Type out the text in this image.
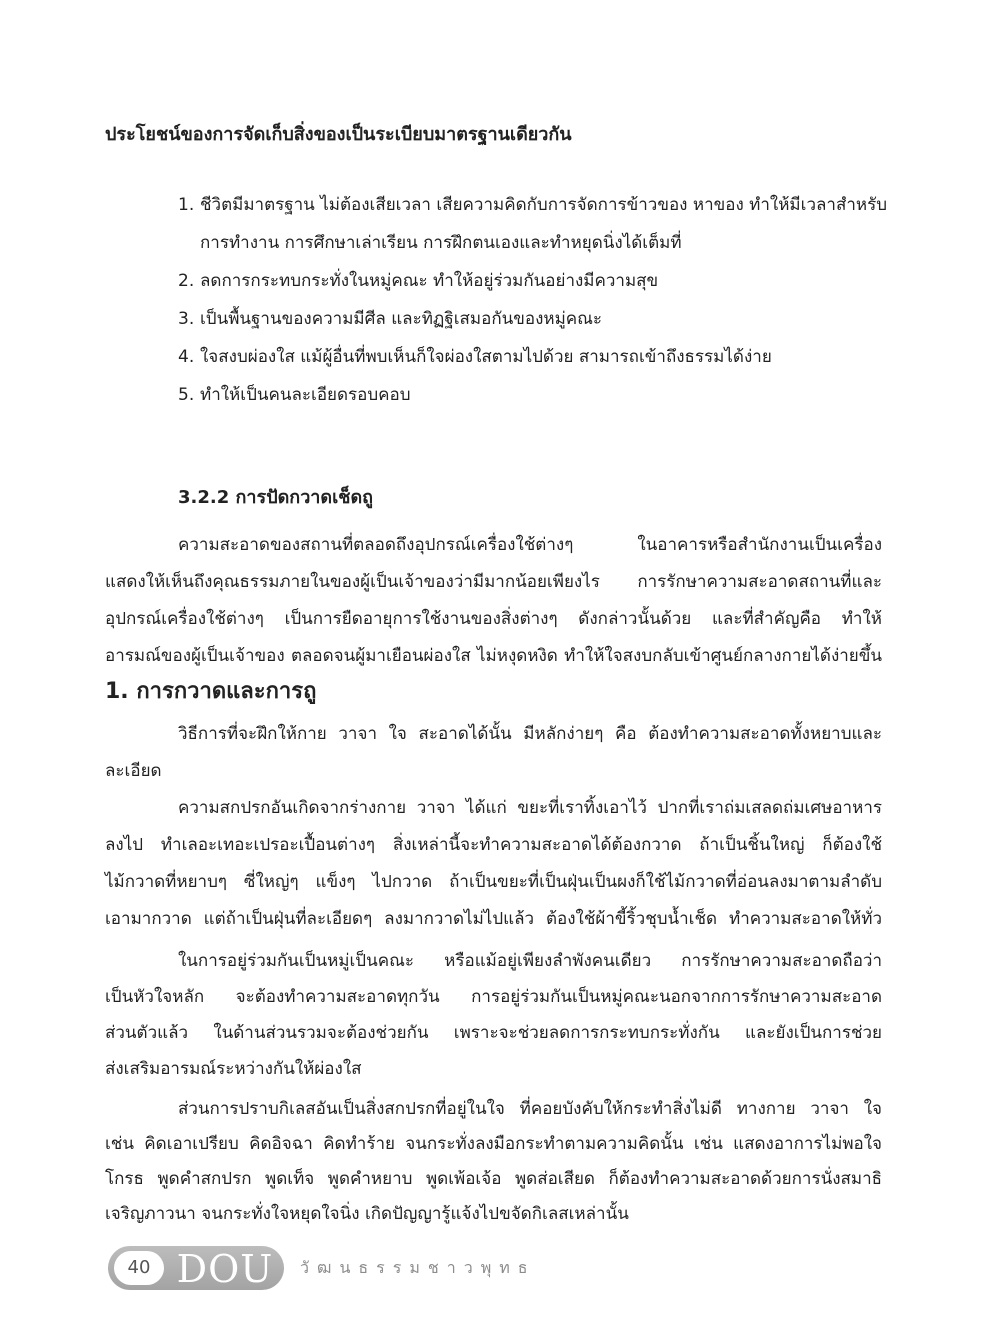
ประโยชน์ของการจัดเก็บสิ่งของเป็นระเบียบมาตรฐานเดียวกัน
1. ชีวิตมีมาตรฐาน ไม่ต้องเสียเวลา เสียความคิดกับการจัดการข้าวของ หาของ ทำให้มีเวลาสำหรับ
การทำงาน การศึกษาเล่าเรียน การฝึกตนเองและทำหยุดนิ่งได้เต็มที่
2. ลดการกระทบกระทั่งในหมู่คณะ ทำให้อยู่ร่วมกันอย่างมีความสุข
3. เป็นพื้นฐานของความมีศีล และทิฏฐิเสมอกันของหมู่คณะ
4. ใจสงบผ่องใส แม้ผู้อื่นที่พบเห็นก็ใจผ่องใสตามไปด้วย สามารถเข้าถึงธรรมได้ง่าย
5. ทำให้เป็นคนละเอียดรอบคอบ
3.2.2 การปัดกวาดเช็ดถู
ความสะอาดของสถานที่ตลอดถึงอุปกรณ์เครื่องใช้ต่างๆ ในอาคารหรือสำนักงานเป็นเครื่อง
แสดงให้เห็นถึงคุณธรรมภายในของผู้เป็นเจ้าของว่ามีมากน้อยเพียงไร การรักษาความสะอาดสถานที่และ
อุปกรณ์เครื่องใช้ต่างๆ เป็นการยืดอายุการใช้งานของสิ่งต่างๆ ดังกล่าวนั้นด้วย และที่สำคัญคือ ทำให้
อารมณ์ของผู้เป็นเจ้าของ ตลอดจนผู้มาเยือนผ่องใส ไม่หงุดหงิด ทำให้ใจสงบกลับเข้าศูนย์กลางกายได้ง่ายขึ้น
1. การกวาดและการถู
วิธีการที่จะฝึกให้กาย วาจา ใจ สะอาดได้นั้น มีหลักง่ายๆ คือ ต้องทำความสะอาดทั้งหยาบและ
ละเอียด
ความสกปรกอันเกิดจากร่างกาย วาจา ได้แก่ ขยะที่เราทิ้งเอาไว้ ปากที่เราถ่มเสลดถ่มเศษอาหาร
ลงไป ทำเลอะเทอะเปรอะเปื้อนต่างๆ สิ่งเหล่านี้จะทำความสะอาดได้ต้องกวาด ถ้าเป็นชิ้นใหญ่ ก็ต้องใช้
ไม้กวาดที่หยาบๆ ซี่ใหญ่ๆ แข็งๆ ไปกวาด ถ้าเป็นขยะที่เป็นฝุ่นเป็นผงก็ใช้ไม้กวาดที่อ่อนลงมาตามลำดับ
เอามากวาด แต่ถ้าเป็นฝุ่นที่ละเอียดๆ ลงมากวาดไม่ไปแล้ว ต้องใช้ผ้าขี้ริ้วชุบน้ำเช็ด ทำความสะอาดให้ทั่ว
ในการอยู่ร่วมกันเป็นหมู่เป็นคณะ หรือแม้อยู่เพียงลำพังคนเดียว การรักษาความสะอาดถือว่า
เป็นหัวใจหลัก จะต้องทำความสะอาดทุกวัน การอยู่ร่วมกันเป็นหมู่คณะนอกจากการรักษาความสะอาด
ส่วนตัวแล้ว ในด้านส่วนรวมจะต้องช่วยกัน เพราะจะช่วยลดการกระทบกระทั่งกัน และยังเป็นการช่วย
ส่งเสริมอารมณ์ระหว่างกันให้ผ่องใส
ส่วนการปราบกิเลสอันเป็นสิ่งสกปรกที่อยู่ในใจ ที่คอยบังคับให้กระทำสิ่งไม่ดี ทางกาย วาจา ใจ
เช่น คิดเอาเปรียบ คิดอิจฉา คิดทำร้าย จนกระทั่งลงมือกระทำตามความคิดนั้น เช่น แสดงอาการไม่พอใจ
โกรธ พูดคำสกปรก พูดเท็จ พูดคำหยาบ พูดเพ้อเจ้อ พูดส่อเสียด ก็ต้องทำความสะอาดด้วยการนั่งสมาธิ
เจริญภาวนา จนกระทั่งใจหยุดใจนิ่ง เกิดปัญญารู้แจ้งไปขจัดกิเลสเหล่านั้น
40 DOU	วัฒนธรรมชาวพุทธ
